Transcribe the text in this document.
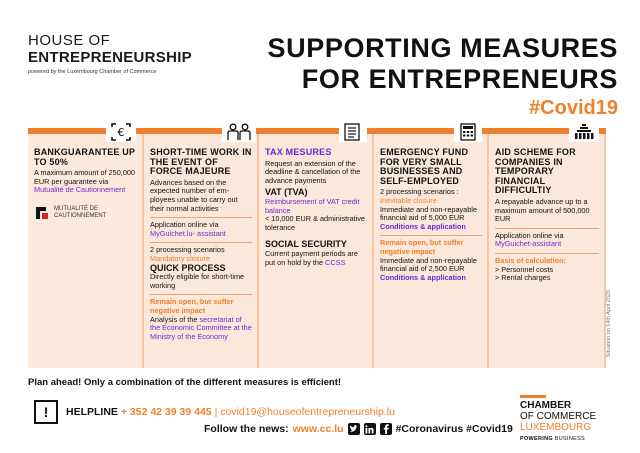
HOUSE OF
ENTREPRENEURSHIP
powered by the Luxembourg Chamber of Commerce
SUPPORTING MEASURES
FOR ENTREPRENEURS
#Covid19
€
BANKGUARANTEE UP TO 50%
A maximum amount of 250,000 EUR per guarantee via Mutualité de Cautionnement
MUTUALITÉ DE
CAUTIONNEMENT
SHORT-TIME WORK IN THE EVENT OF FORCE MAJEURE
Advances based on the expected number of em- ployees unable to carry out their normal activities
Application online via
MyGuichet.lu- assistant
2 processing scenarios
Mandatory closure
QUICK PROCESS
Directly eligible for short-time working
Remain open, but suffer negative impact
Analysis of the secretariat of the Economic Committee at the Ministry of the Economy
TAX MESURES
Request an extension of the deadline & cancellation of the advance payments
VAT (TVA)
Reimbursement of VAT credit balance
< 10,000 EUR & administrative tolerance
SOCIAL SECURITY
Current payment periods are put on hold by the CCSS
EMERGENCY FUND FOR VERY SMALL BUSINESSES AND SELF-EMPLOYED
2 processing scenarios :
Inevitable closure
Immediate and non-repayable financial aid of 5,000 EUR
Conditions & application
Remain open, but suffer negative impact
Immediate and non-repayable financial aid of 2,500 EUR
Conditions & application
AID SCHEME FOR COMPANIES IN TEMPORARY FINANCIAL DIFFICULTIY
A repayable advance up to a maximum amount of 500,000 EUR
Application online via
MyGuichet-assistant
Basis of calculation:
> Personnel costs
> Rental charges
Situation on 14th April 2020
Plan ahead! Only a combination of the different measures is efficient!
!	HELPLINE + 352 42 39 39 445 | covid19@houseofentrepreneurship.lu
Follow the news: www.cc.lu	#Coronavirus #Covid19
CHAMBER
OF COMMERCE
LUXEMBOURG
POWERING BUSINESS
